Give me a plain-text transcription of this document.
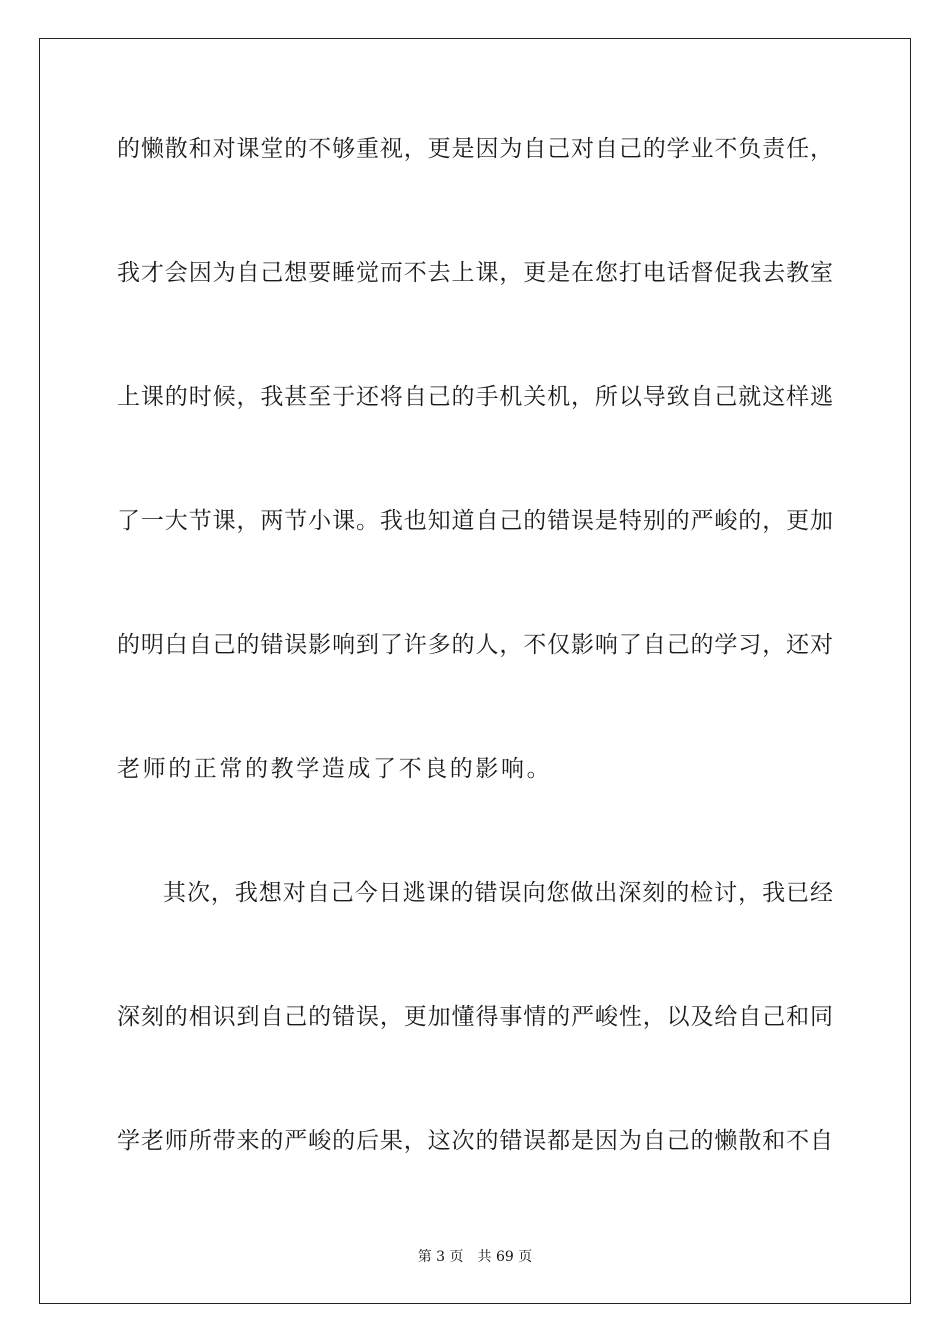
的懒散和对课堂的不够重视，更是因为自己对自己的学业不负责任，
我才会因为自己想要睡觉而不去上课，更是在您打电话督促我去教室
上课的时候，我甚至于还将自己的手机关机，所以导致自己就这样逃
了一大节课，两节小课。我也知道自己的错误是特别的严峻的，更加
的明白自己的错误影响到了许多的人，不仅影响了自己的学习，还对
老师的正常的教学造成了不良的影响。
其次，我想对自己今日逃课的错误向您做出深刻的检讨，我已经
深刻的相识到自己的错误，更加懂得事情的严峻性，以及给自己和同
学老师所带来的严峻的后果，这次的错误都是因为自己的懒散和不自
第 3 页 共 69 页
